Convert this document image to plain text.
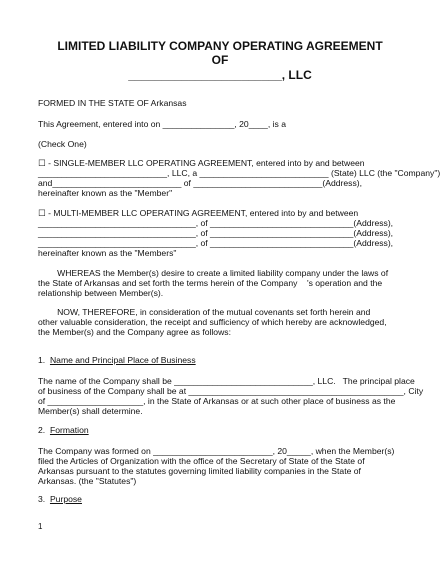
LIMITED LIABILITY COMPANY OPERATING AGREEMENT
OF
_______________________, LLC
FORMED IN THE STATE OF Arkansas
This Agreement, entered into on _______________, 20____, is a
(Check One)
☐ - SINGLE-MEMBER LLC OPERATING AGREEMENT, entered into by and between
___________________________, LLC, a ___________________________ (State) LLC (the "Company")
and___________________________ of ___________________________(Address),
hereinafter known as the "Member"
☐ - MULTI-MEMBER LLC OPERATING AGREEMENT, entered into by and between
_________________________________, of ______________________________(Address),
_________________________________, of ______________________________(Address),
_________________________________, of ______________________________(Address),
hereinafter known as the "Members"
WHEREAS the Member(s) desire to create a limited liability company under the laws of
the State of Arkansas and set forth the terms herein of the Company    's operation and the
relationship between Member(s).
NOW, THEREFORE, in consideration of the mutual covenants set forth herein and
other valuable consideration, the receipt and sufficiency of which hereby are acknowledged,
the Member(s) and the Company agree as follows:
1. Name and Principal Place of Business
The name of the Company shall be _____________________________, LLC.   The principal place
of business of the Company shall be at _____________________________________________, City
of ____________________, in the State of Arkansas or at such other place of business as the
Member(s) shall determine.
2. Formation
The Company was formed on _________________________, 20_____, when the Member(s)
filed the Articles of Organization with the office of the Secretary of State of the State of
Arkansas pursuant to the statutes governing limited liability companies in the State of
Arkansas. (the "Statutes")
3. Purpose
1
